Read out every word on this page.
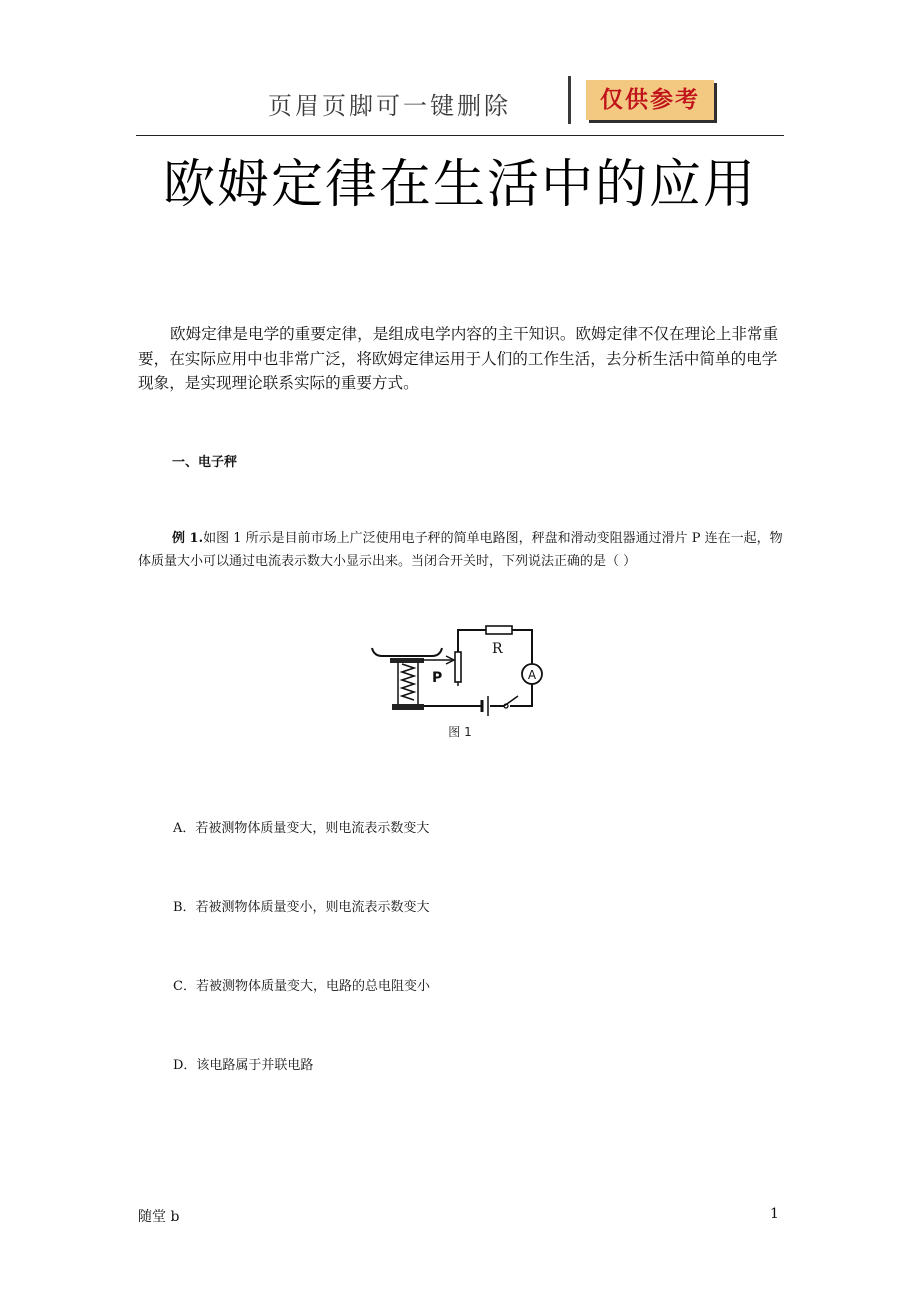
页眉页脚可一键删除	仅供参考
欧姆定律在生活中的应用

欧姆定律是电学的重要定律，是组成电学内容的主干知识。欧姆定律不仅在理论上非常重要，在实际应用中也非常广泛，将欧姆定律运用于人们的工作生活，去分析生活中简单的电学现象，是实现理论联系实际的重要方式。

一、电子秤

例 1.如图 1 所示是目前市场上广泛使用电子秤的简单电路图，秤盘和滑动变阻器通过滑片 P 连在一起，物体质量大小可以通过电流表示数大小显示出来。当闭合开关时，下列说法正确的是（ ）

P
R
A
图 1
A．若被测物体质量变大，则电流表示数变大
B．若被测物体质量变小，则电流表示数变大
C．若被测物体质量变大，电路的总电阻变小
D．该电路属于并联电路
随堂 b	1
